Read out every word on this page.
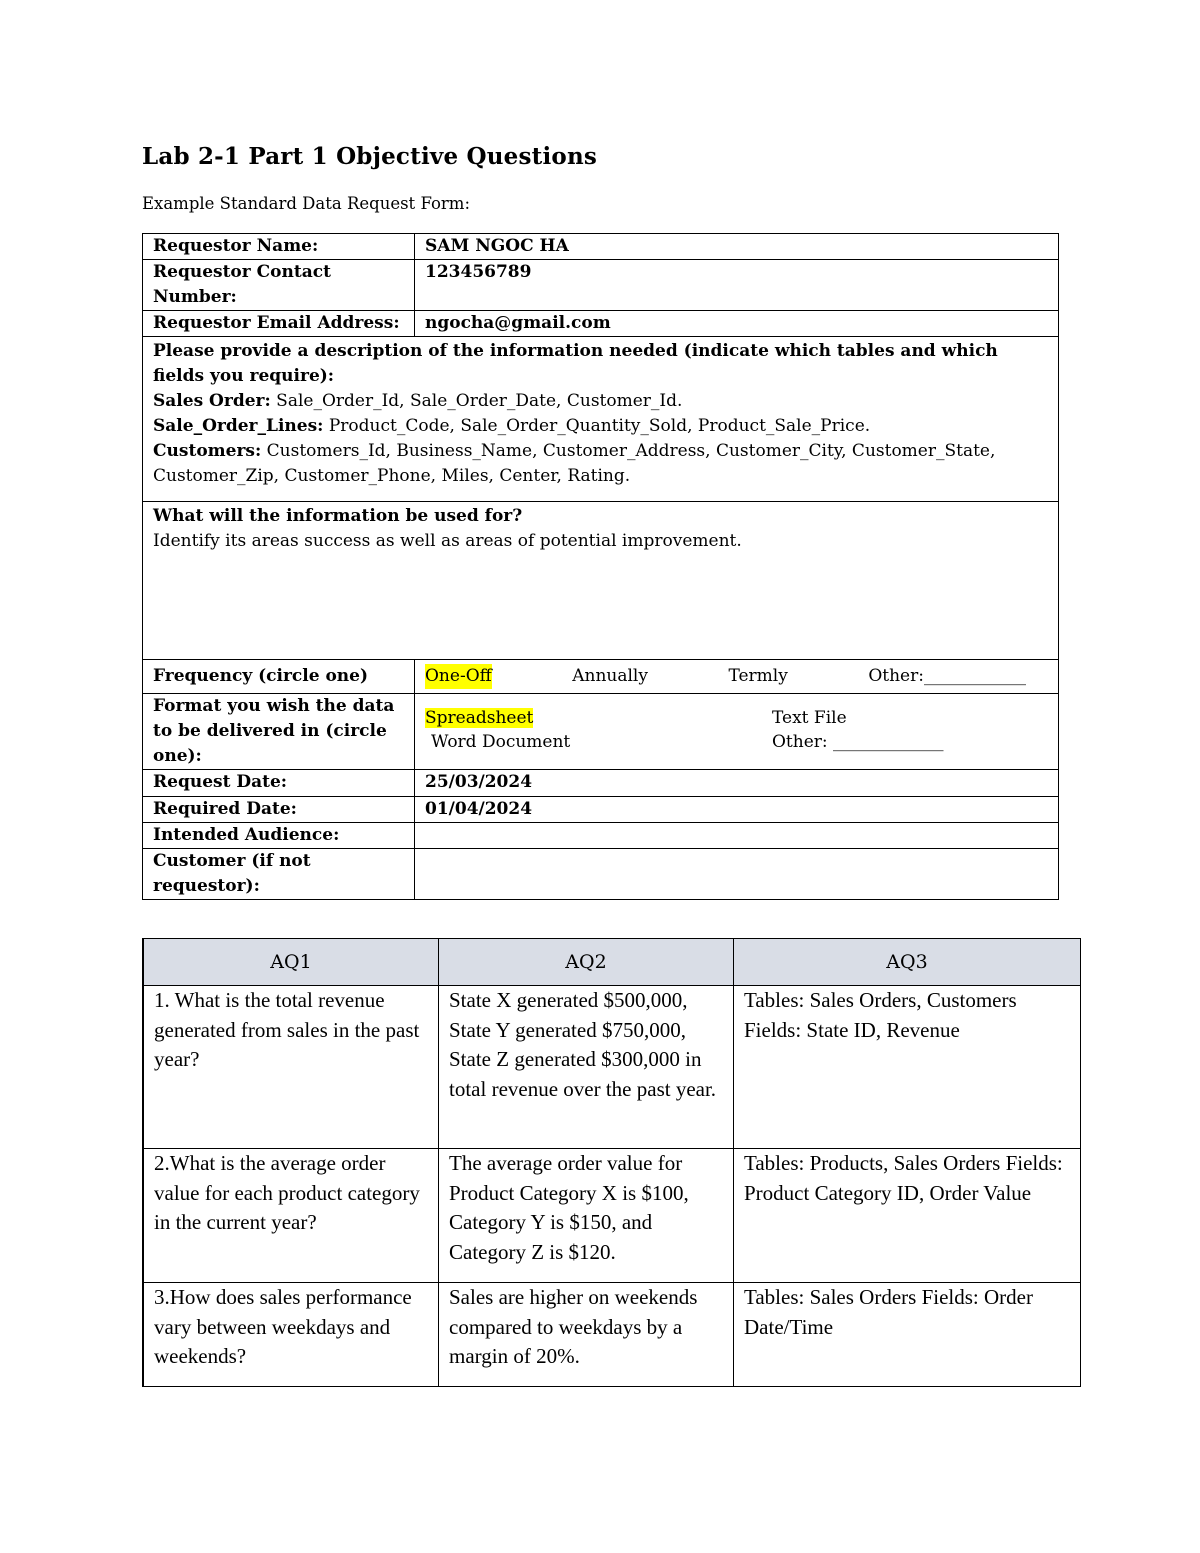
Lab 2-1 Part 1 Objective Questions
Example Standard Data Request Form:
Requestor Name:	SAM NGOC HA

Requestor Contact
Number:	123456789
Requestor Email Address:	ngocha@gmail.com

Please provide a description of the information needed (indicate which tables and which fields you require):
Sales Order: Sale_Order_Id, Sale_Order_Date, Customer_Id.
Sale_Order_Lines: Product_Code, Sale_Order_Quantity_Sold, Product_Sale_Price.
Customers: Customers_Id, Business_Name, Customer_Address, Customer_City, Customer_State, Customer_Zip, Customer_Phone, Miles, Center, Rating.	

What will the information be used for?
Identify its areas success as well as areas of potential improvement.	

Frequency (circle one)	One-Off Annually Termly Other:____________

Format you wish the data to be delivered in (circle one):	Spreadsheet Text File
Word Document Other: _____________

Request Date:	25/03/2024
Required Date:	01/04/2024
Intended Audience:	
Customer (if not requestor):	
AQ1	AQ2	AQ3
1. What is the total revenue generated from sales in the past year?	State X generated $500,000, State Y generated $750,000, State Z generated $300,000 in total revenue over the past year.	Tables: Sales Orders, Customers Fields: State ID, Revenue
2.What is the average order value for each product category in the current year?	The average order value for Product Category X is $100, Category Y is $150, and Category Z is $120.	Tables: Products, Sales Orders Fields: Product Category ID, Order Value
3.How does sales performance vary between weekdays and weekends?	Sales are higher on weekends compared to weekdays by a margin of 20%.	Tables: Sales Orders Fields: Order Date/Time
